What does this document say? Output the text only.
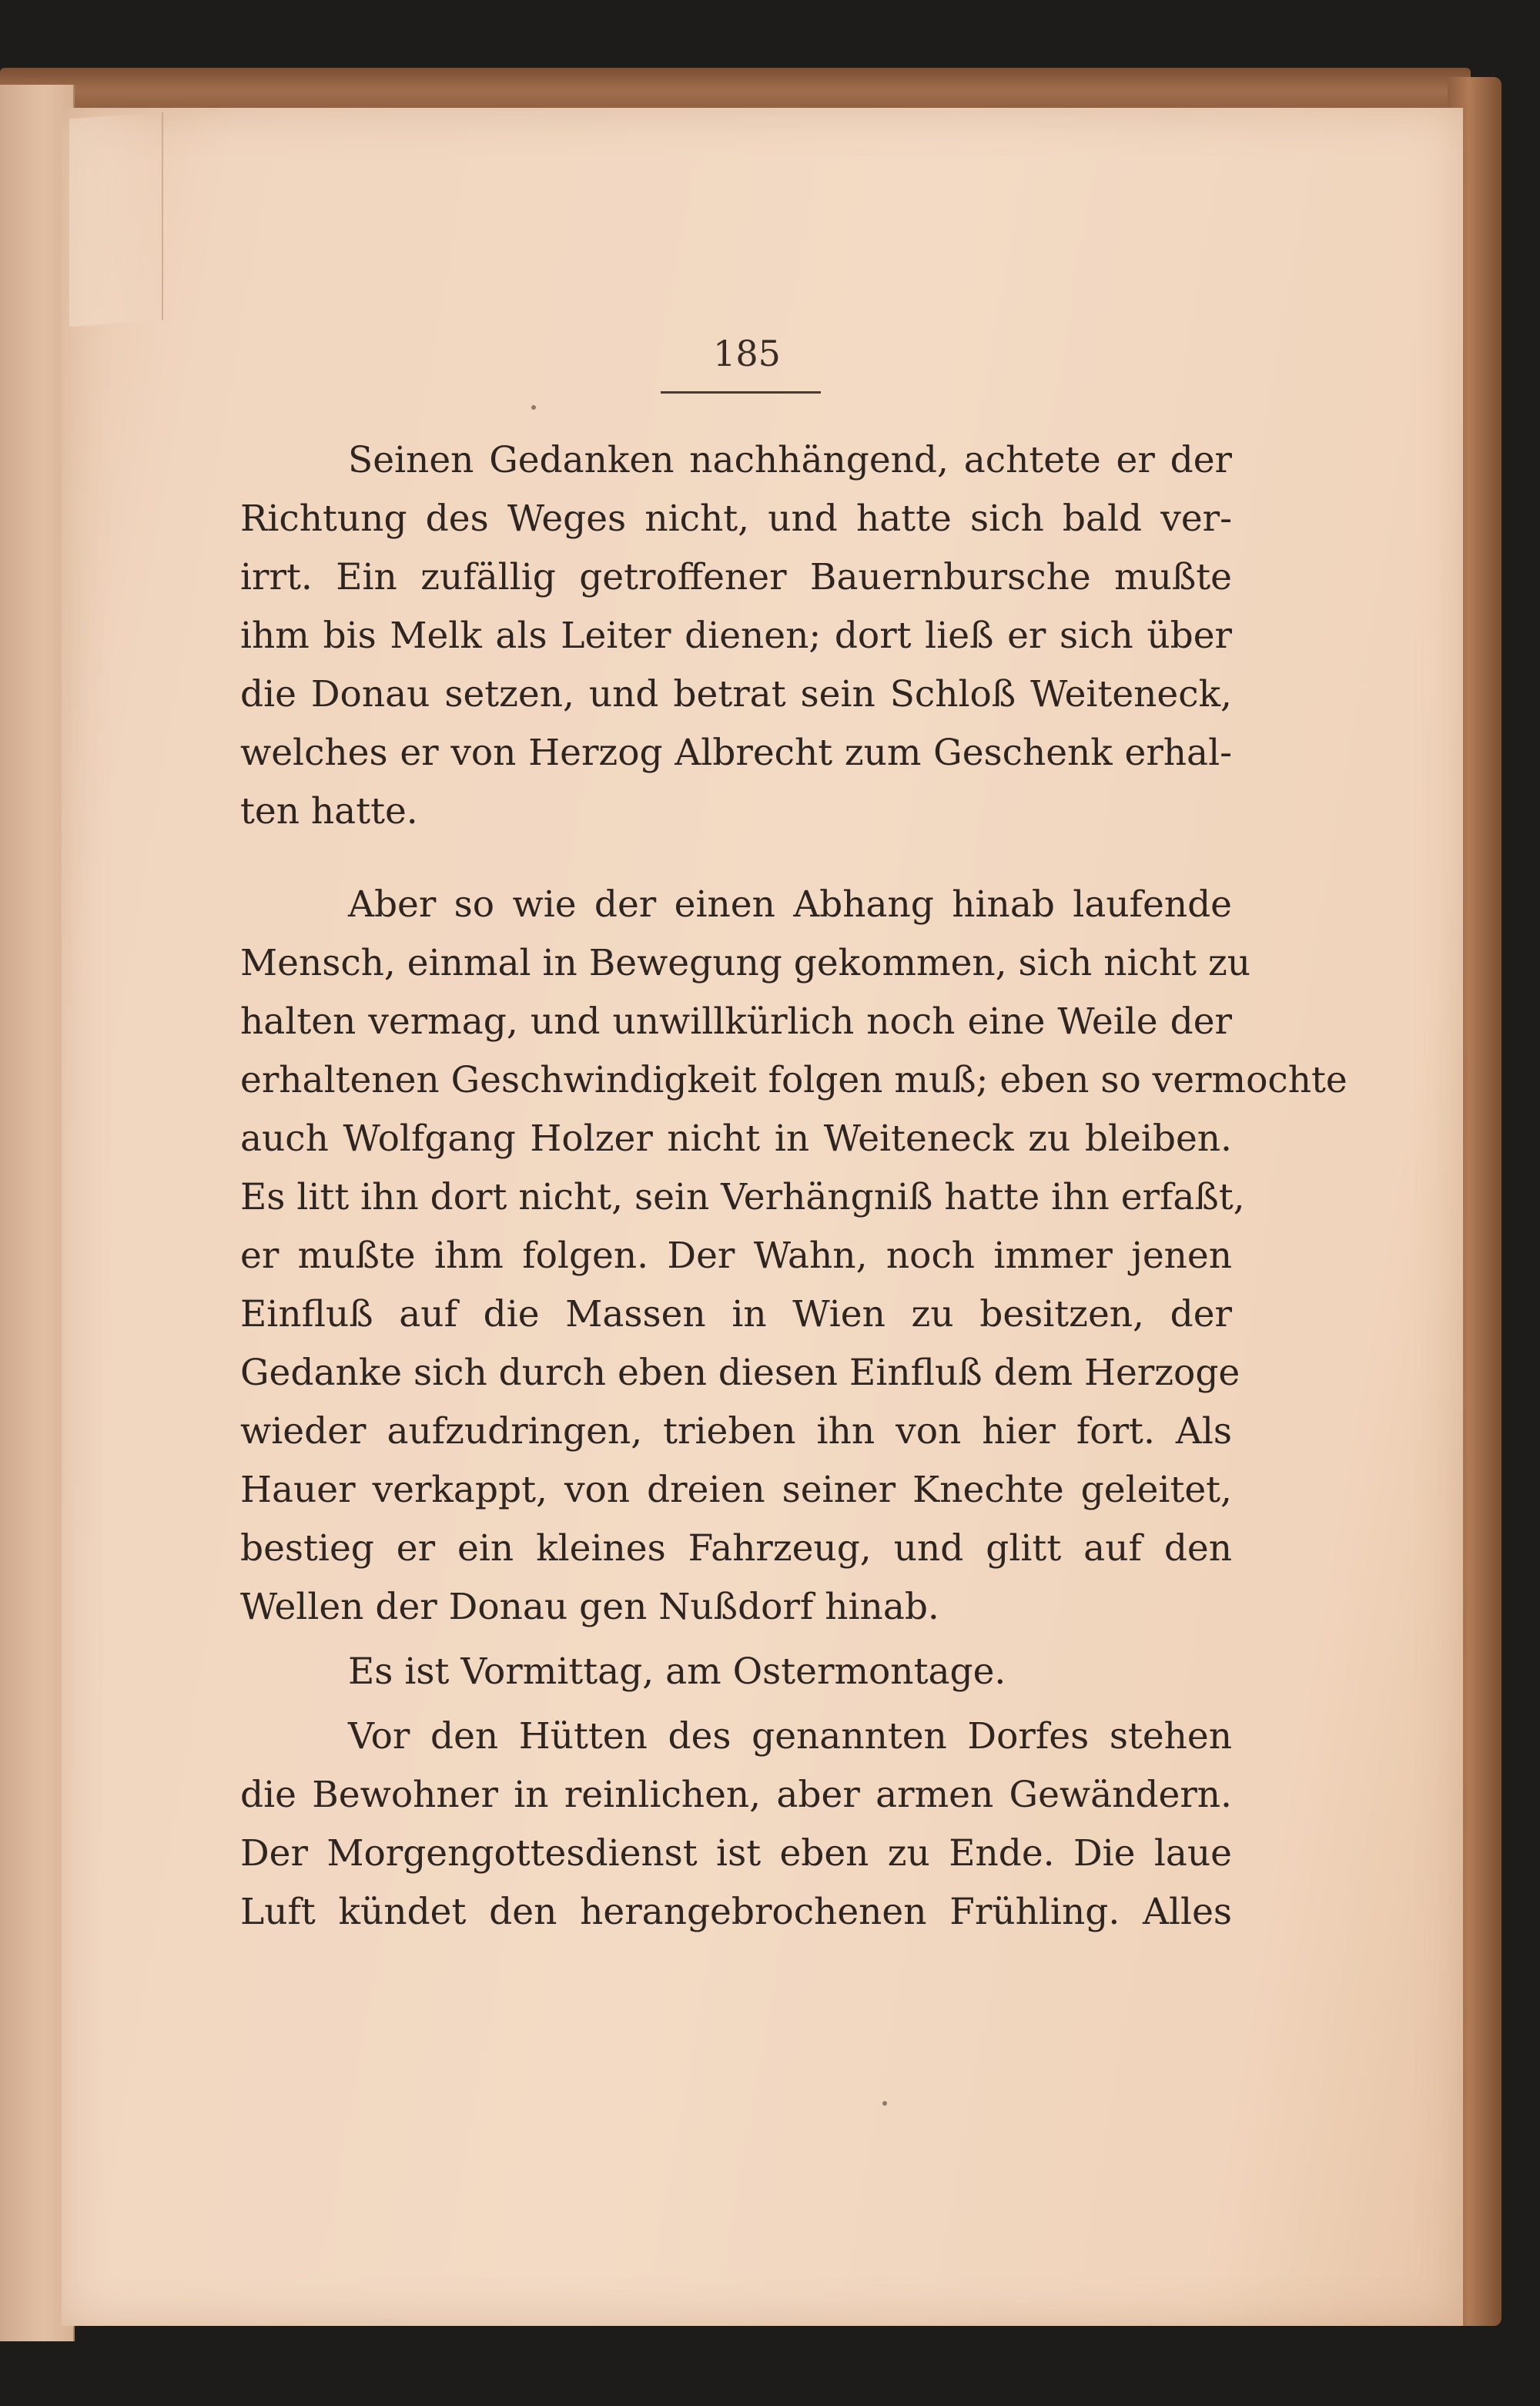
185
Seinen Gedanken nachhängend, achtete er der
Richtung des Weges nicht, und hatte sich bald ver-
irrt. Ein zufällig getroffener Bauernbursche mußte
ihm bis Melk als Leiter dienen; dort ließ er sich über
die Donau setzen, und betrat sein Schloß Weiteneck,
welches er von Herzog Albrecht zum Geschenk erhal-
ten hatte.
Aber so wie der einen Abhang hinab laufende
Mensch, einmal in Bewegung gekommen, sich nicht zu
halten vermag, und unwillkürlich noch eine Weile der
erhaltenen Geschwindigkeit folgen muß; eben so vermochte
auch Wolfgang Holzer nicht in Weiteneck zu bleiben.
Es litt ihn dort nicht, sein Verhängniß hatte ihn erfaßt,
er mußte ihm folgen. Der Wahn, noch immer jenen
Einfluß auf die Massen in Wien zu besitzen, der
Gedanke sich durch eben diesen Einfluß dem Herzoge
wieder aufzudringen, trieben ihn von hier fort. Als
Hauer verkappt, von dreien seiner Knechte geleitet,
bestieg er ein kleines Fahrzeug, und glitt auf den
Wellen der Donau gen Nußdorf hinab.
Es ist Vormittag, am Ostermontage.
Vor den Hütten des genannten Dorfes stehen
die Bewohner in reinlichen, aber armen Gewändern.
Der Morgengottesdienst ist eben zu Ende. Die laue
Luft kündet den herangebrochenen Frühling. Alles
